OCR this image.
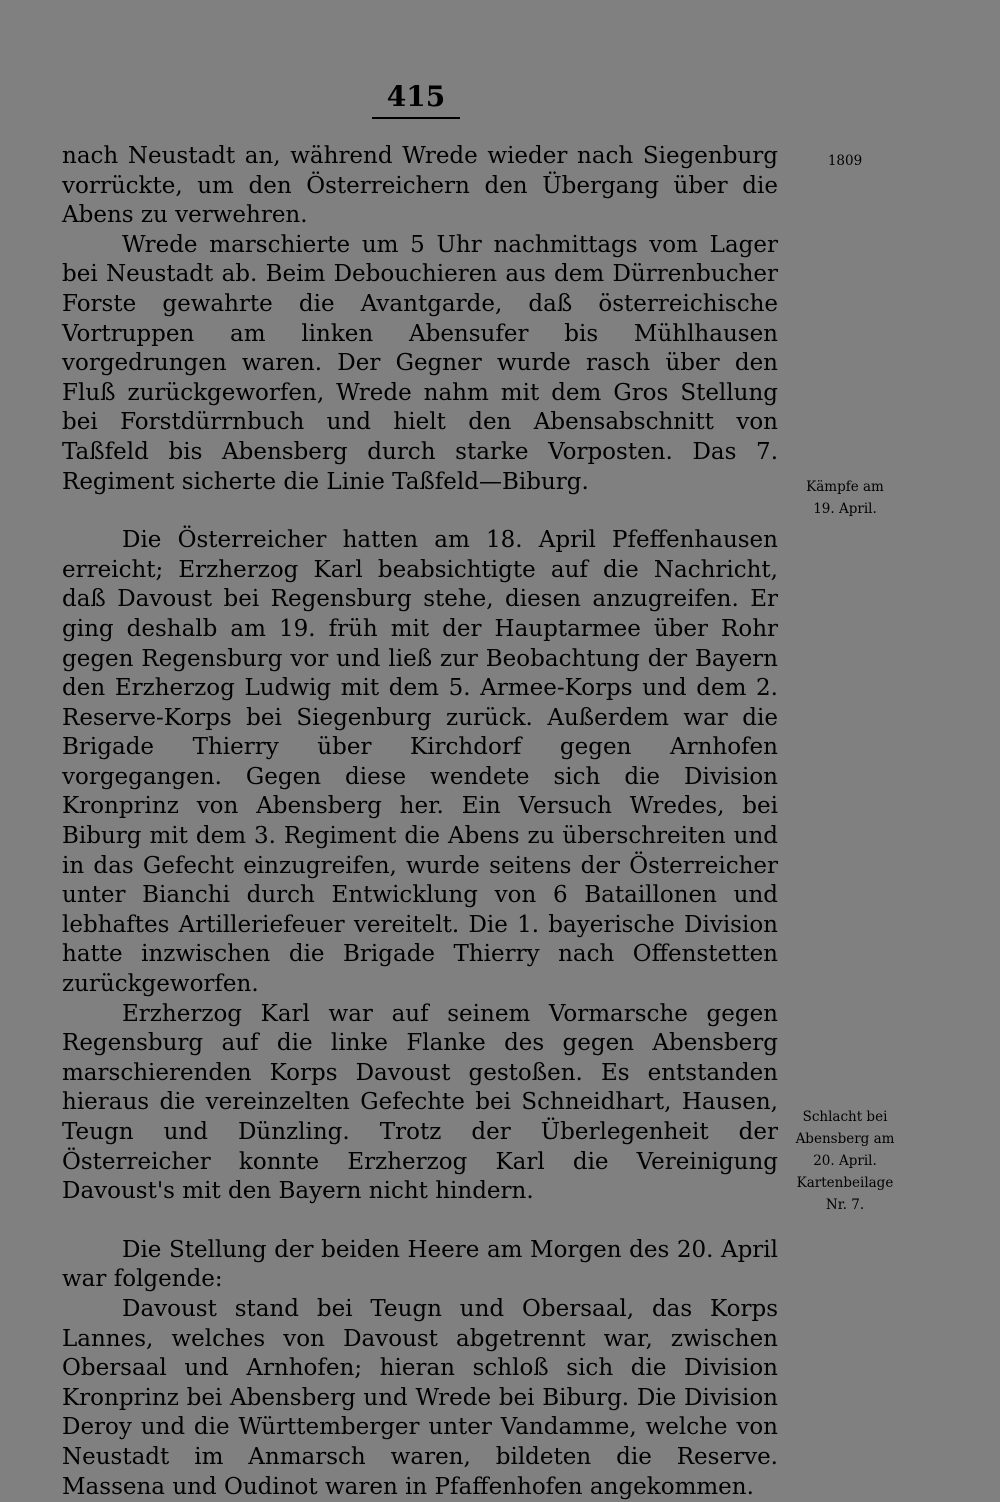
415
1809
Kämpfe am
19. April.
Schlacht bei
Abensberg am
20. April.
Kartenbeilage
Nr. 7.

nach Neustadt an, während Wrede wieder nach Siegenburg vorrückte, um den Österreichern den Übergang über die Abens zu verwehren.

Wrede marschierte um 5 Uhr nachmittags vom Lager bei Neustadt ab. Beim Debouchieren aus dem Dürrenbucher Forste gewahrte die Avantgarde, daß österreichische Vortruppen am linken Abensufer bis Mühlhausen vorgedrungen waren. Der Gegner wurde rasch über den Fluß zurückgeworfen, Wrede nahm mit dem Gros Stellung bei Forstdürrnbuch und hielt den Abensabschnitt von Taßfeld bis Abensberg durch starke Vorposten. Das 7. Regiment sicherte die Linie Taßfeld—Biburg.

Die Österreicher hatten am 18. April Pfeffenhausen erreicht; Erzherzog Karl beabsichtigte auf die Nachricht, daß Davoust bei Regensburg stehe, diesen anzugreifen. Er ging deshalb am 19. früh mit der Hauptarmee über Rohr gegen Regensburg vor und ließ zur Beobachtung der Bayern den Erzherzog Ludwig mit dem 5. Armee-Korps und dem 2. Reserve-Korps bei Siegenburg zurück. Außerdem war die Brigade Thierry über Kirchdorf gegen Arnhofen vorgegangen. Gegen diese wendete sich die Division Kronprinz von Abensberg her. Ein Versuch Wredes, bei Biburg mit dem 3. Regiment die Abens zu überschreiten und in das Gefecht einzugreifen, wurde seitens der Österreicher unter Bianchi durch Entwicklung von 6 Bataillonen und lebhaftes Artilleriefeuer vereitelt. Die 1. bayerische Division hatte inzwischen die Brigade Thierry nach Offenstetten zurückgeworfen.

Erzherzog Karl war auf seinem Vormarsche gegen Regensburg auf die linke Flanke des gegen Abensberg marschierenden Korps Davoust gestoßen. Es entstanden hieraus die vereinzelten Gefechte bei Schneidhart, Hausen, Teugn und Dünzling. Trotz der Überlegenheit der Österreicher konnte Erzherzog Karl die Vereinigung Davoust's mit den Bayern nicht hindern.

Die Stellung der beiden Heere am Morgen des 20. April war folgende:

Davoust stand bei Teugn und Obersaal, das Korps Lannes, welches von Davoust abgetrennt war, zwischen Obersaal und Arnhofen; hieran schloß sich die Division Kronprinz bei Abensberg und Wrede bei Biburg. Die Division Deroy und die Württemberger unter Vandamme, welche von Neustadt im Anmarsch waren, bildeten die Reserve. Massena und Oudinot waren in Pfaffenhofen angekommen.
